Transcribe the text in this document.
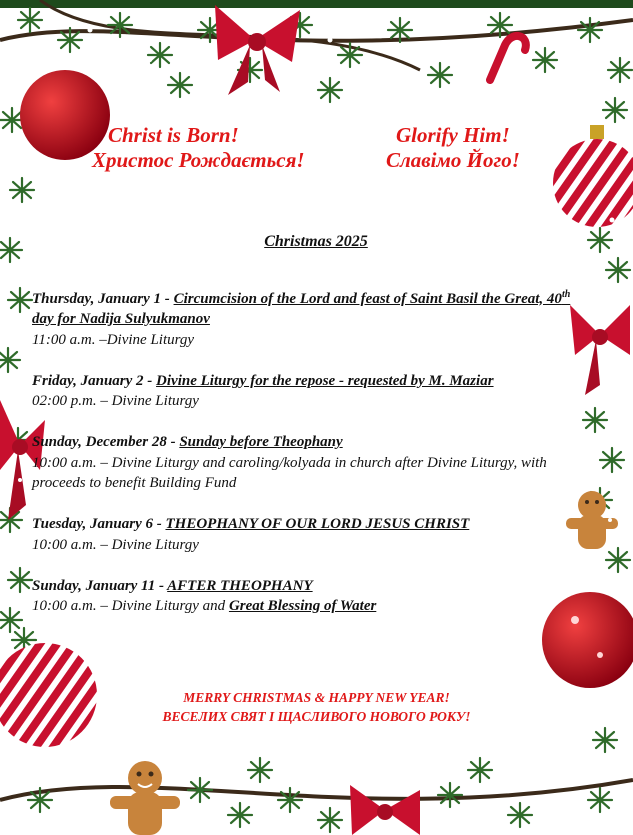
Christ is Born!
Христос Рождається!
Glorify Him!
Славімо Його!
Christmas 2025
Thursday, January 1 - Circumcision of the Lord and feast of Saint Basil the Great, 40th day for Nadija Sulyukmanov
11:00 a.m. –Divine Liturgy
Friday, January 2 - Divine Liturgy for the repose - requested by M. Maziar
02:00 p.m. – Divine Liturgy
Sunday, December 28 - Sunday before Theophany
10:00 a.m. – Divine Liturgy and caroling/kolyada in church after Divine Liturgy, with proceeds to benefit Building Fund
Tuesday, January 6 - THEOPHANY OF OUR LORD JESUS CHRIST
10:00 a.m. – Divine Liturgy
Sunday, January 11 - AFTER THEOPHANY
10:00 a.m. – Divine Liturgy and Great Blessing of Water
MERRY CHRISTMAS & HAPPY NEW YEAR!
ВЕСЕЛИХ СВЯТ І ЩАСЛИВОГО НОВОГО РОКУ!
